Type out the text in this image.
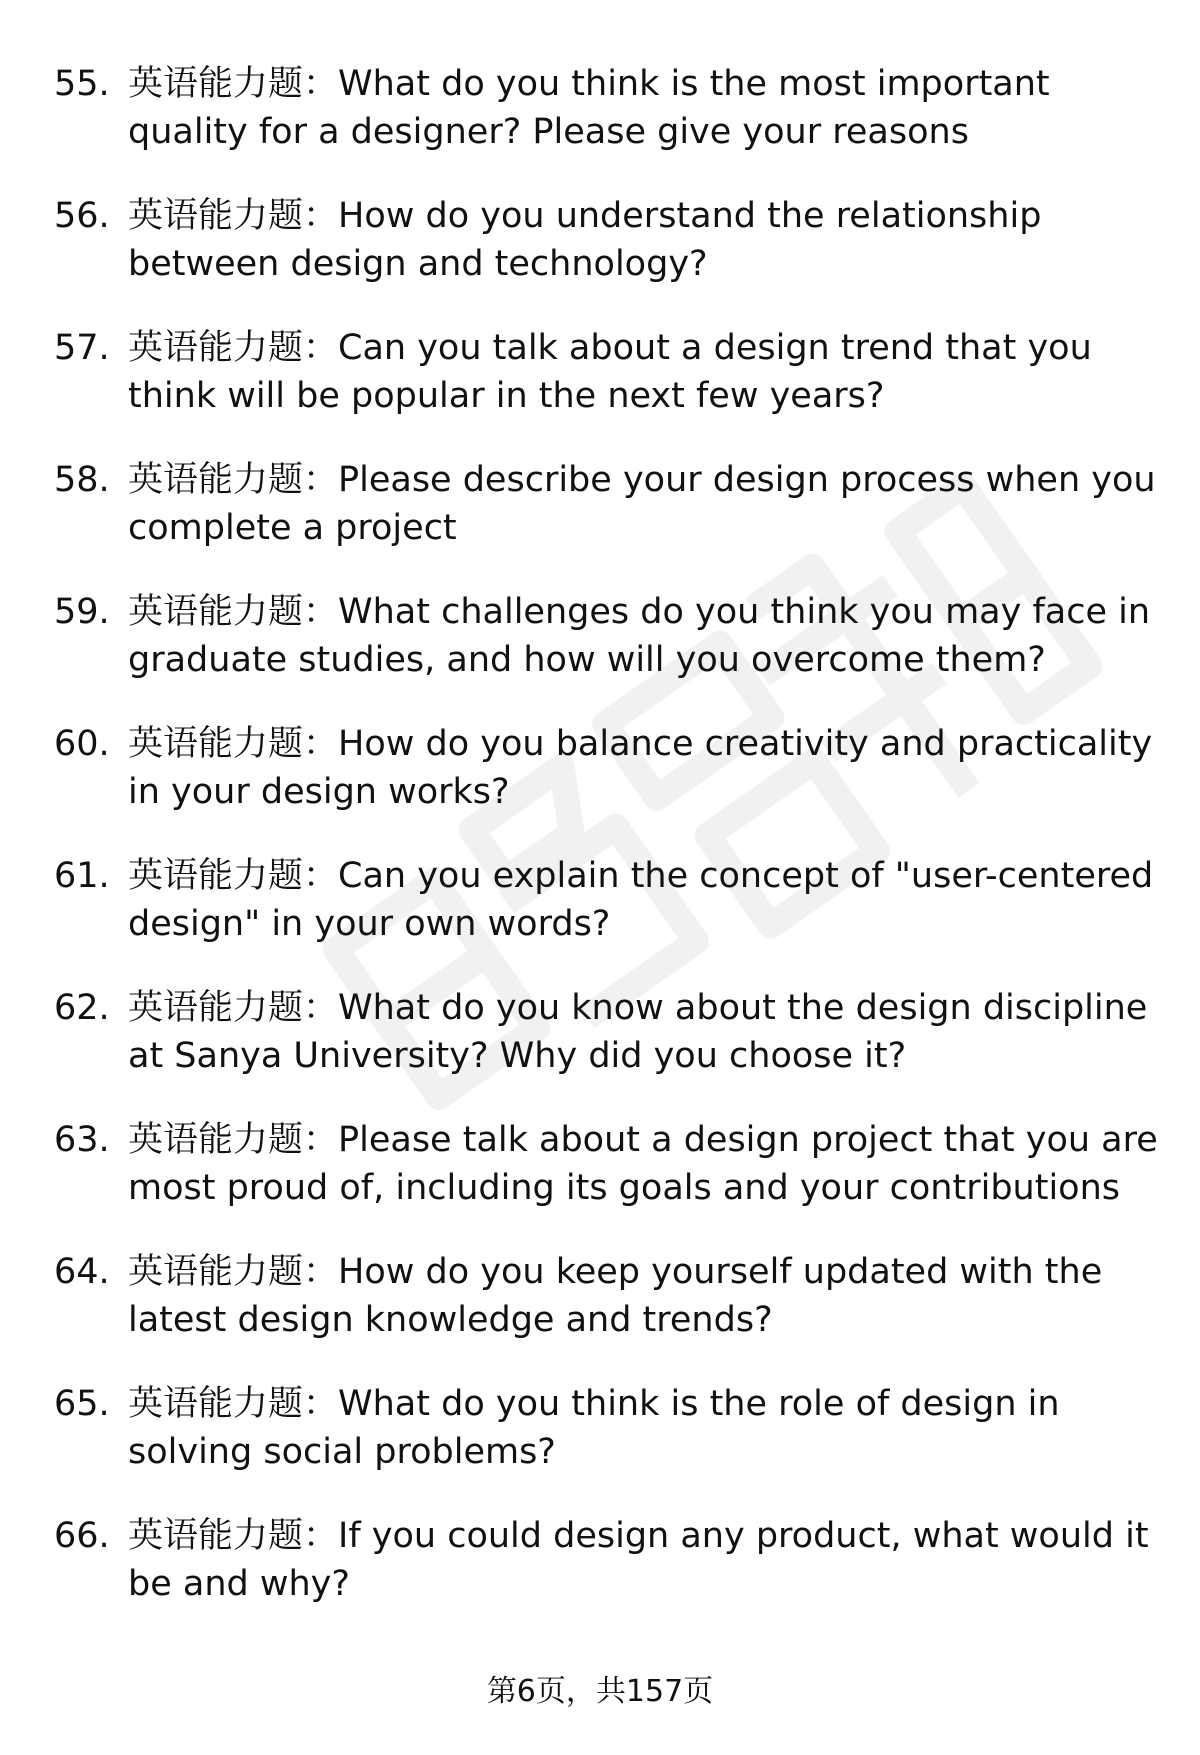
55. 英语能力题：What do you think is the most important quality for a designer? Please give your reasons

56. 英语能力题：How do you understand the relationship between design and technology?

57. 英语能力题：Can you talk about a design trend that you think will be popular in the next few years?

58. 英语能力题：Please describe your design process when you complete a project

59. 英语能力题：What challenges do you think you may face in graduate studies, and how will you overcome them?

60. 英语能力题：How do you balance creativity and practicality in your design works?

61. 英语能力题：Can you explain the concept of "user-centered design" in your own words?

62. 英语能力题：What do you know about the design discipline at Sanya University? Why did you choose it?

63. 英语能力题：Please talk about a design project that you are most proud of, including its goals and your contributions

64. 英语能力题：How do you keep yourself updated with the latest design knowledge and trends?

65. 英语能力题：What do you think is the role of design in solving social problems?

66. 英语能力题：If you could design any product, what would it be and why?

第6页，共157页
